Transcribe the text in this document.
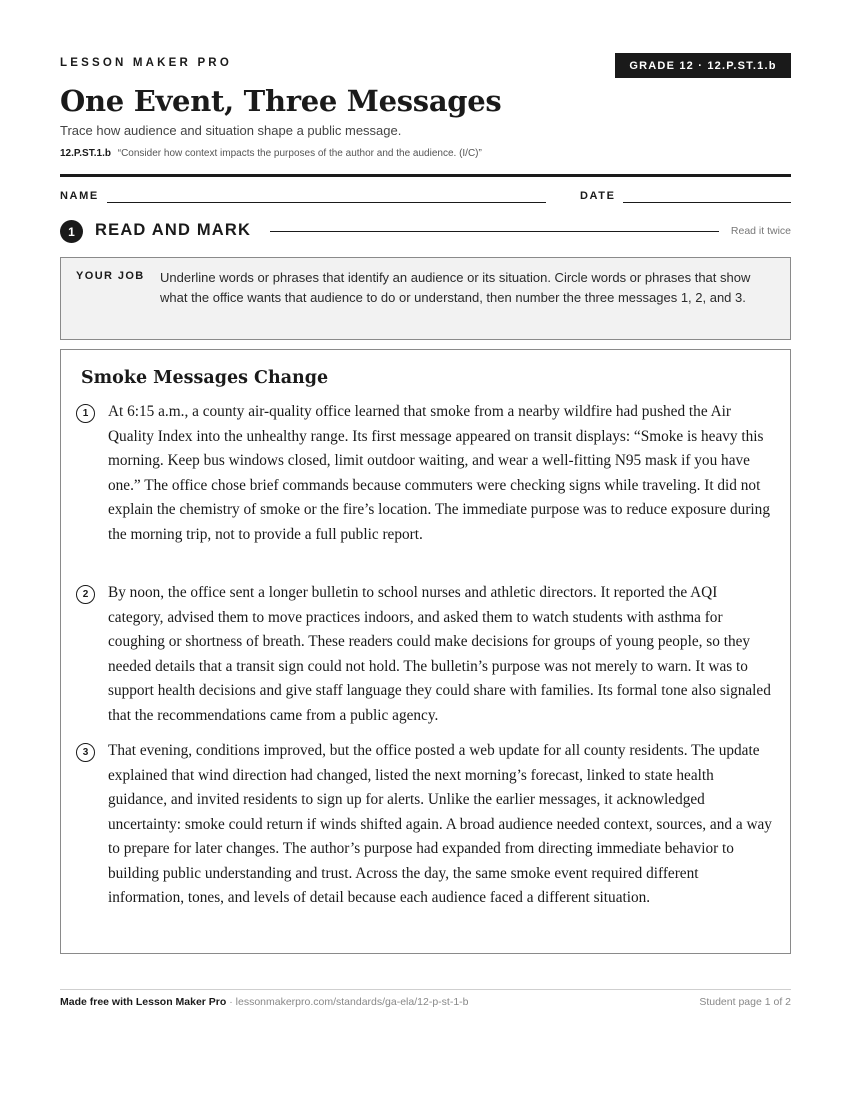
LESSON MAKER PRO	GRADE 12 · 12.P.ST.1.b
One Event, Three Messages
Trace how audience and situation shape a public message.
12.P.ST.1.b “Consider how context impacts the purposes of the author and the audience. (I/C)”
NAME	DATE
1	READ AND MARK	Read it twice
YOUR JOB Underline words or phrases that identify an audience or its situation. Circle words or phrases that show what the office wants that audience to do or understand, then number the three messages 1, 2, and 3.
Smoke Messages Change
1	At 6:15 a.m., a county air-quality office learned that smoke from a nearby wildfire had pushed the Air Quality Index into the unhealthy range. Its first message appeared on transit displays: “Smoke is heavy this morning. Keep bus windows closed, limit outdoor waiting, and wear a well-fitting N95 mask if you have one.” The office chose brief commands because commuters were checking signs while traveling. It did not explain the chemistry of smoke or the fire’s location. The immediate purpose was to reduce exposure during the morning trip, not to provide a full public report.
2	By noon, the office sent a longer bulletin to school nurses and athletic directors. It reported the AQI category, advised them to move practices indoors, and asked them to watch students with asthma for coughing or shortness of breath. These readers could make decisions for groups of young people, so they needed details that a transit sign could not hold. The bulletin’s purpose was not merely to warn. It was to support health decisions and give staff language they could share with families. Its formal tone also signaled that the recommendations came from a public agency.
3	That evening, conditions improved, but the office posted a web update for all county residents. The update explained that wind direction had changed, listed the next morning’s forecast, linked to state health guidance, and invited residents to sign up for alerts. Unlike the earlier messages, it acknowledged uncertainty: smoke could return if winds shifted again. A broad audience needed context, sources, and a way to prepare for later changes. The author’s purpose had expanded from directing immediate behavior to building public understanding and trust. Across the day, the same smoke event required different information, tones, and levels of detail because each audience faced a different situation.
Made free with Lesson Maker Pro · lessonmakerpro.com/standards/ga-ela/12-p-st-1-b	Student page 1 of 2
